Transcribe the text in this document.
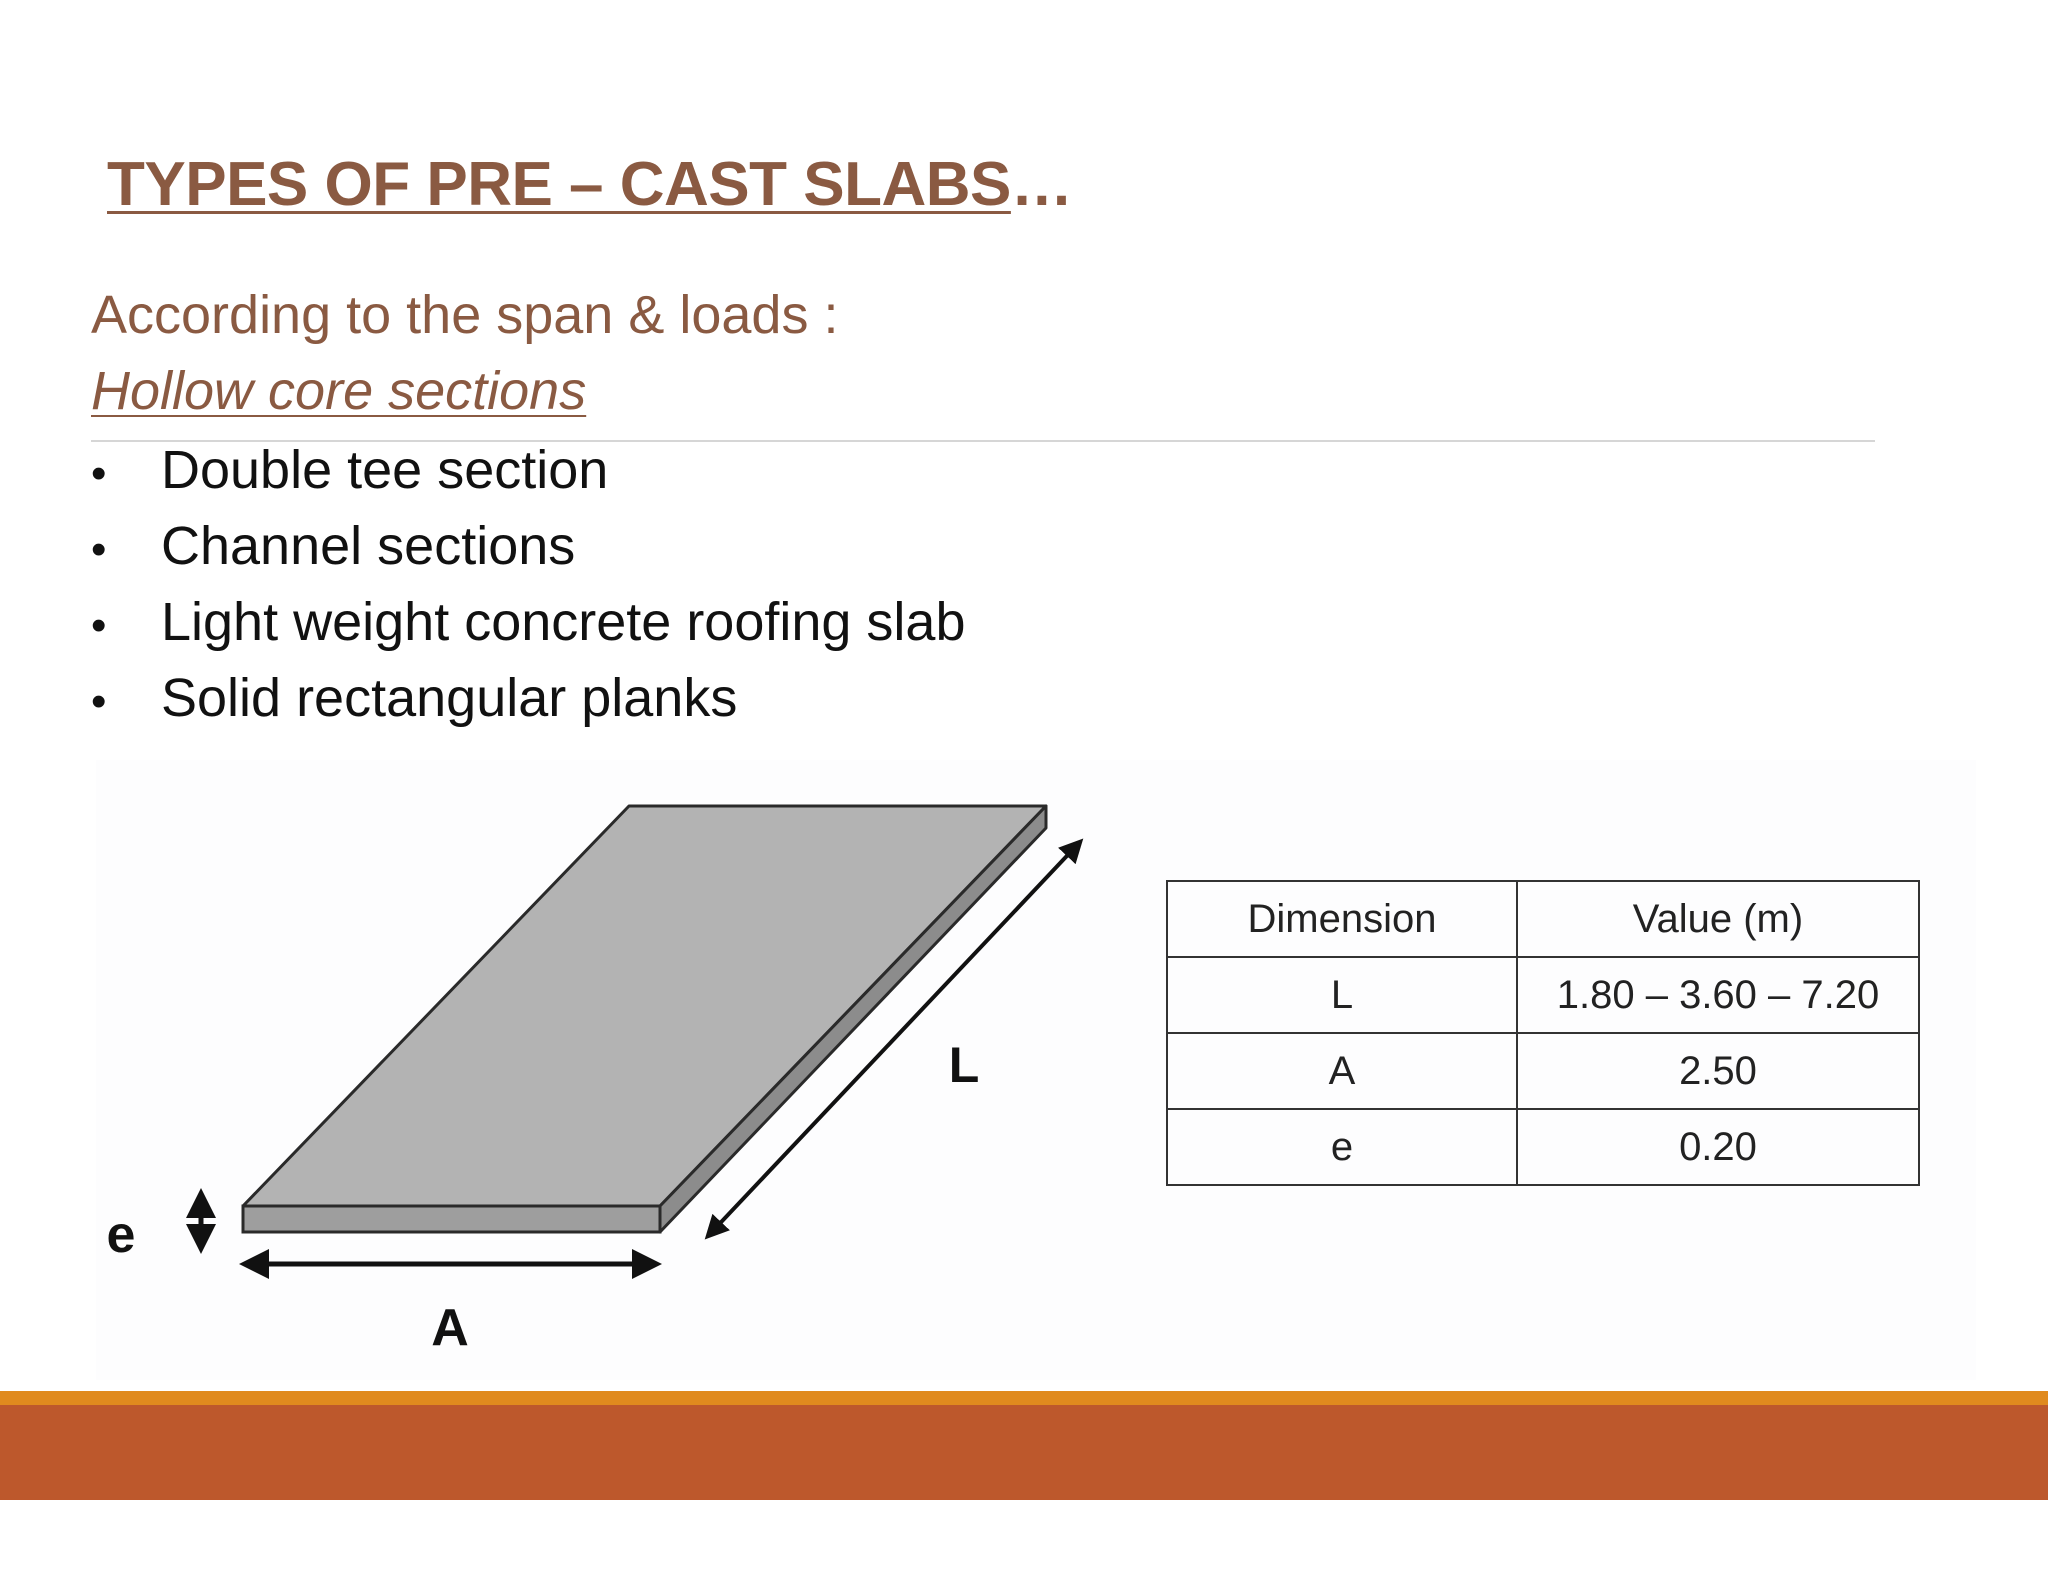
TYPES OF PRE – CAST SLABS…

According to the span & loads :

Hollow core sections

• Double tee section
• Channel sections
• Light weight concrete roofing slab
• Solid rectangular planks
L
A
e
Dimension	Value (m)
L	1.80 – 3.60 – 7.20
A	2.50
e	0.20
